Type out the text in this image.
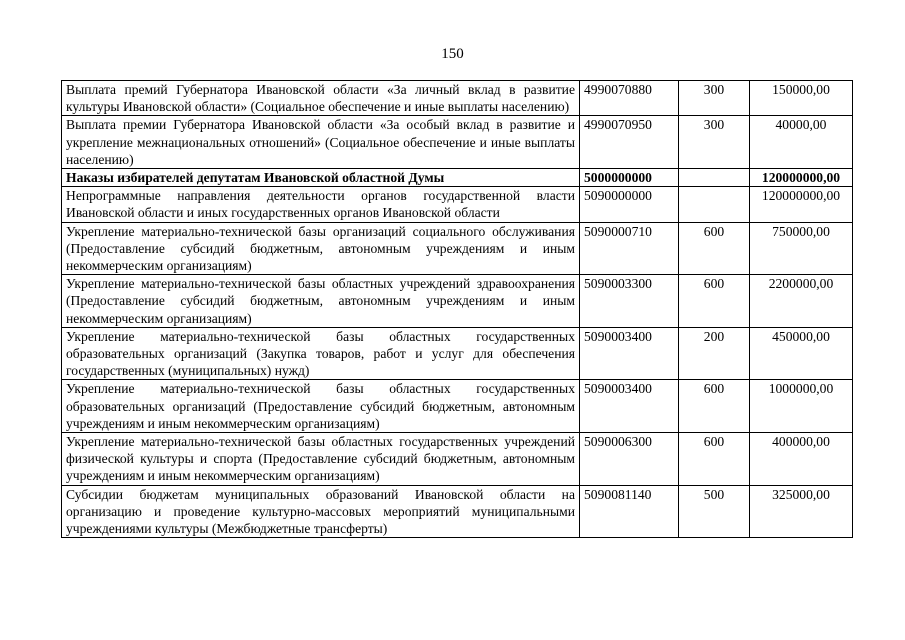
150
Выплата премий Губернатора Ивановской области «За личный вклад в развитие культуры Ивановской области» (Социальное обеспечение и иные выплаты населению)	4990070880	300	150000,00
Выплата премии Губернатора Ивановской области «За особый вклад в развитие и укрепление межнациональных отношений» (Социальное обеспечение и иные выплаты населению)	4990070950	300	40000,00
Наказы избирателей депутатам Ивановской областной Думы	5000000000		120000000,00
Непрограммные направления деятельности органов государственной власти Ивановской области и иных государственных органов Ивановской области	5090000000		120000000,00
Укрепление материально-технической базы организаций социального обслуживания (Предоставление субсидий бюджетным, автономным учреждениям и иным некоммерческим организациям)	5090000710	600	750000,00
Укрепление материально-технической базы областных учреждений здравоохранения (Предоставление субсидий бюджетным, автономным учреждениям и иным некоммерческим организациям)	5090003300	600	2200000,00
Укрепление материально-технической базы областных государственных образовательных организаций (Закупка товаров, работ и услуг для обеспечения государственных (муниципальных) нужд)	5090003400	200	450000,00
Укрепление материально-технической базы областных государственных образовательных организаций (Предоставление субсидий бюджетным, автономным учреждениям и иным некоммерческим организациям)	5090003400	600	1000000,00
Укрепление материально-технической базы областных государственных учреждений физической культуры и спорта (Предоставление субсидий бюджетным, автономным учреждениям и иным некоммерческим организациям)	5090006300	600	400000,00
Субсидии бюджетам муниципальных образований Ивановской области на организацию и проведение культурно-массовых мероприятий муниципальными учреждениями культуры (Межбюджетные трансферты)	5090081140	500	325000,00
